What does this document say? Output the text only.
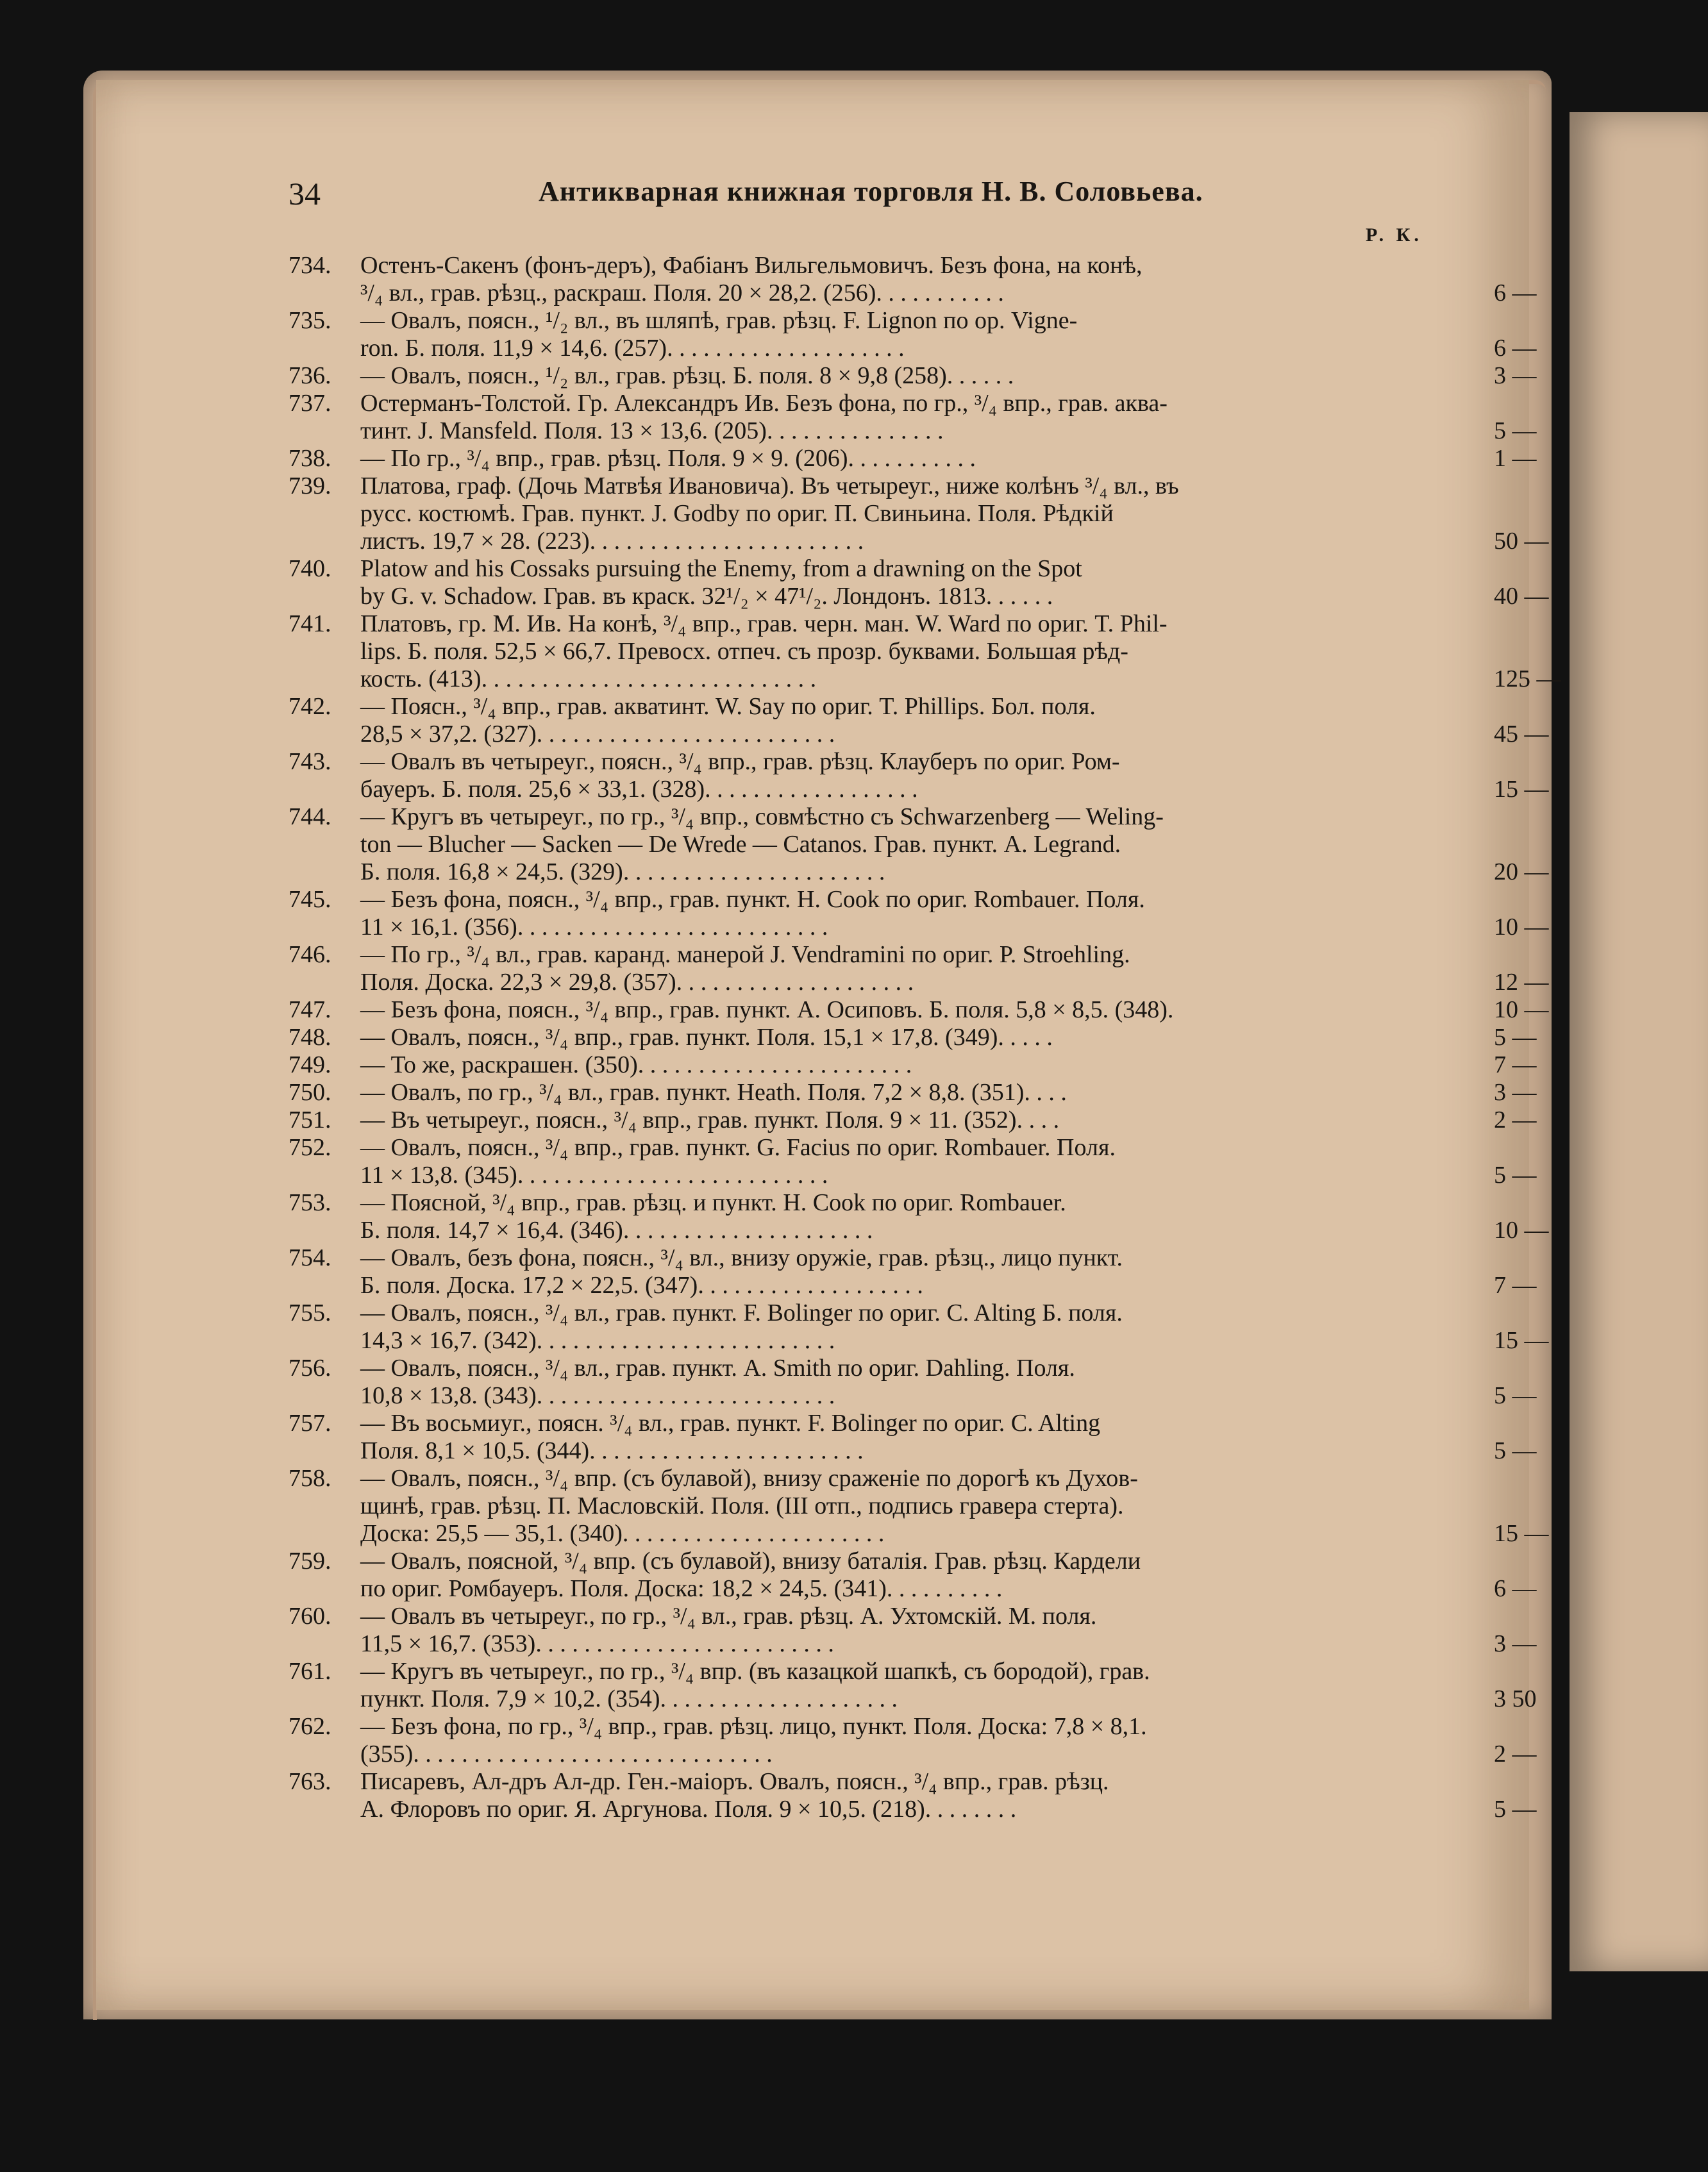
34	Антикварная книжная торговля Н. В. Соловьева.
Р. К.
734.	Остенъ-Сакенъ (фонъ-деръ), Фабіанъ Вильгельмовичъ. Безъ фона, на конѣ,
³/₄ вл., грав. рѣзц., раскраш. Поля. 20 × 28,2. (256). . . . . . . . . . .	6 —
735.	— Овалъ, поясн., ¹/₂ вл., въ шляпѣ, грав. рѣзц. F. Lignon по ор. Vigne-
ron. Б. поля. 11,9 × 14,6. (257). . . . . . . . . . . . . . . . . . . .	6 —
736.	— Овалъ, поясн., ¹/₂ вл., грав. рѣзц. Б. поля. 8 × 9,8 (258). . . . . .	3 —
737.	Остерманъ-Толстой. Гр. Александръ Ив. Безъ фона, по гр., ³/₄ впр., грав. аква-
тинт. J. Mansfeld. Поля. 13 × 13,6. (205). . . . . . . . . . . . . . .	5 —
738.	— По гр., ³/₄ впр., грав. рѣзц. Поля. 9 × 9. (206). . . . . . . . . . .	1 —
739.	Платова, граф. (Дочь Матвѣя Ивановича). Въ четыреуг., ниже колѣнъ ³/₄ вл., въ
русс. костюмѣ. Грав. пункт. J. Godby по ориг. П. Свиньина. Поля. Рѣдкій
листъ. 19,7 × 28. (223). . . . . . . . . . . . . . . . . . . . . . .	50 —
740.	Platow and his Cossaks pursuing the Enemy, from a drawning on the Spot
by G. v. Schadow. Грав. въ краск. 32¹/₂ × 47¹/₂. Лондонъ. 1813. . . . . .	40 —
741.	Платовъ, гр. М. Ив. На конѣ, ³/₄ впр., грав. черн. ман. W. Ward по ориг. T. Phil-
lips. Б. поля. 52,5 × 66,7. Превосх. отпеч. съ прозр. буквами. Большая рѣд-
кость. (413). . . . . . . . . . . . . . . . . . . . . . . . . . . .	125 —
742.	— Поясн., ³/₄ впр., грав. акватинт. W. Say по ориг. T. Phillips. Бол. поля.
28,5 × 37,2. (327). . . . . . . . . . . . . . . . . . . . . . . . .	45 —
743.	— Овалъ въ четыреуг., поясн., ³/₄ впр., грав. рѣзц. Клауберъ по ориг. Ром-
бауеръ. Б. поля. 25,6 × 33,1. (328). . . . . . . . . . . . . . . . . .	15 —
744.	— Кругъ въ четыреуг., по гр., ³/₄ впр., совмѣстно съ Schwarzenberg — Weling-
ton — Blucher — Sacken — De Wrede — Catanos. Грав. пункт. A. Legrand.
Б. поля. 16,8 × 24,5. (329). . . . . . . . . . . . . . . . . . . . . .	20 —
745.	— Безъ фона, поясн., ³/₄ впр., грав. пункт. H. Cook по ориг. Rombauer. Поля.
11 × 16,1. (356). . . . . . . . . . . . . . . . . . . . . . . . . .	10 —
746.	— По гр., ³/₄ вл., грав. каранд. манерой J. Vendramini по ориг. P. Stroehling.
Поля. Доска. 22,3 × 29,8. (357). . . . . . . . . . . . . . . . . . . .	12 —
747.	— Безъ фона, поясн., ³/₄ впр., грав. пункт. А. Осиповъ. Б. поля. 5,8 × 8,5. (348).	10 —
748.	— Овалъ, поясн., ³/₄ впр., грав. пункт. Поля. 15,1 × 17,8. (349). . . . .	5 —
749.	— То же, раскрашен. (350). . . . . . . . . . . . . . . . . . . . . . .	7 —
750.	— Овалъ, по гр., ³/₄ вл., грав. пункт. Heath. Поля. 7,2 × 8,8. (351). . . .	3 —
751.	— Въ четыреуг., поясн., ³/₄ впр., грав. пункт. Поля. 9 × 11. (352). . . .	2 —
752.	— Овалъ, поясн., ³/₄ впр., грав. пункт. G. Facius по ориг. Rombauer. Поля.
11 × 13,8. (345). . . . . . . . . . . . . . . . . . . . . . . . . .	5 —
753.	— Поясной, ³/₄ впр., грав. рѣзц. и пункт. H. Cook по ориг. Rombauer.
Б. поля. 14,7 × 16,4. (346). . . . . . . . . . . . . . . . . . . . .	10 —
754.	— Овалъ, безъ фона, поясн., ³/₄ вл., внизу оружіе, грав. рѣзц., лицо пункт.
Б. поля. Доска. 17,2 × 22,5. (347). . . . . . . . . . . . . . . . . . .	7 —
755.	— Овалъ, поясн., ³/₄ вл., грав. пункт. F. Bolinger по ориг. C. Alting Б. поля.
14,3 × 16,7. (342). . . . . . . . . . . . . . . . . . . . . . . . .	15 —
756.	— Овалъ, поясн., ³/₄ вл., грав. пункт. A. Smith по ориг. Dahling. Поля.
10,8 × 13,8. (343). . . . . . . . . . . . . . . . . . . . . . . . .	5 —
757.	— Въ восьмиуг., поясн. ³/₄ вл., грав. пункт. F. Bolinger по ориг. C. Alting
Поля. 8,1 × 10,5. (344). . . . . . . . . . . . . . . . . . . . . . .	5 —
758.	— Овалъ, поясн., ³/₄ впр. (съ булавой), внизу сраженіе по дорогѣ къ Духов-
щинѣ, грав. рѣзц. П. Масловскій. Поля. (III отп., подпись гравера стерта).
Доска: 25,5 — 35,1. (340). . . . . . . . . . . . . . . . . . . . . .	15 —
759.	— Овалъ, поясной, ³/₄ впр. (съ булавой), внизу баталія. Грав. рѣзц. Кардели
по ориг. Ромбауеръ. Поля. Доска: 18,2 × 24,5. (341). . . . . . . . . .	6 —
760.	— Овалъ въ четыреуг., по гр., ³/₄ вл., грав. рѣзц. А. Ухтомскій. М. поля.
11,5 × 16,7. (353). . . . . . . . . . . . . . . . . . . . . . . . .	3 —
761.	— Кругъ въ четыреуг., по гр., ³/₄ впр. (въ казацкой шапкѣ, съ бородой), грав.
пункт. Поля. 7,9 × 10,2. (354). . . . . . . . . . . . . . . . . . . .	3 50
762.	— Безъ фона, по гр., ³/₄ впр., грав. рѣзц. лицо, пункт. Поля. Доска: 7,8 × 8,1.
(355). . . . . . . . . . . . . . . . . . . . . . . . . . . . . .	2 —
763.	Писаревъ, Ал-дръ Ал-др. Ген.-маіоръ. Овалъ, поясн., ³/₄ впр., грав. рѣзц.
А. Флоровъ по ориг. Я. Аргунова. Поля. 9 × 10,5. (218). . . . . . . .	5 —
